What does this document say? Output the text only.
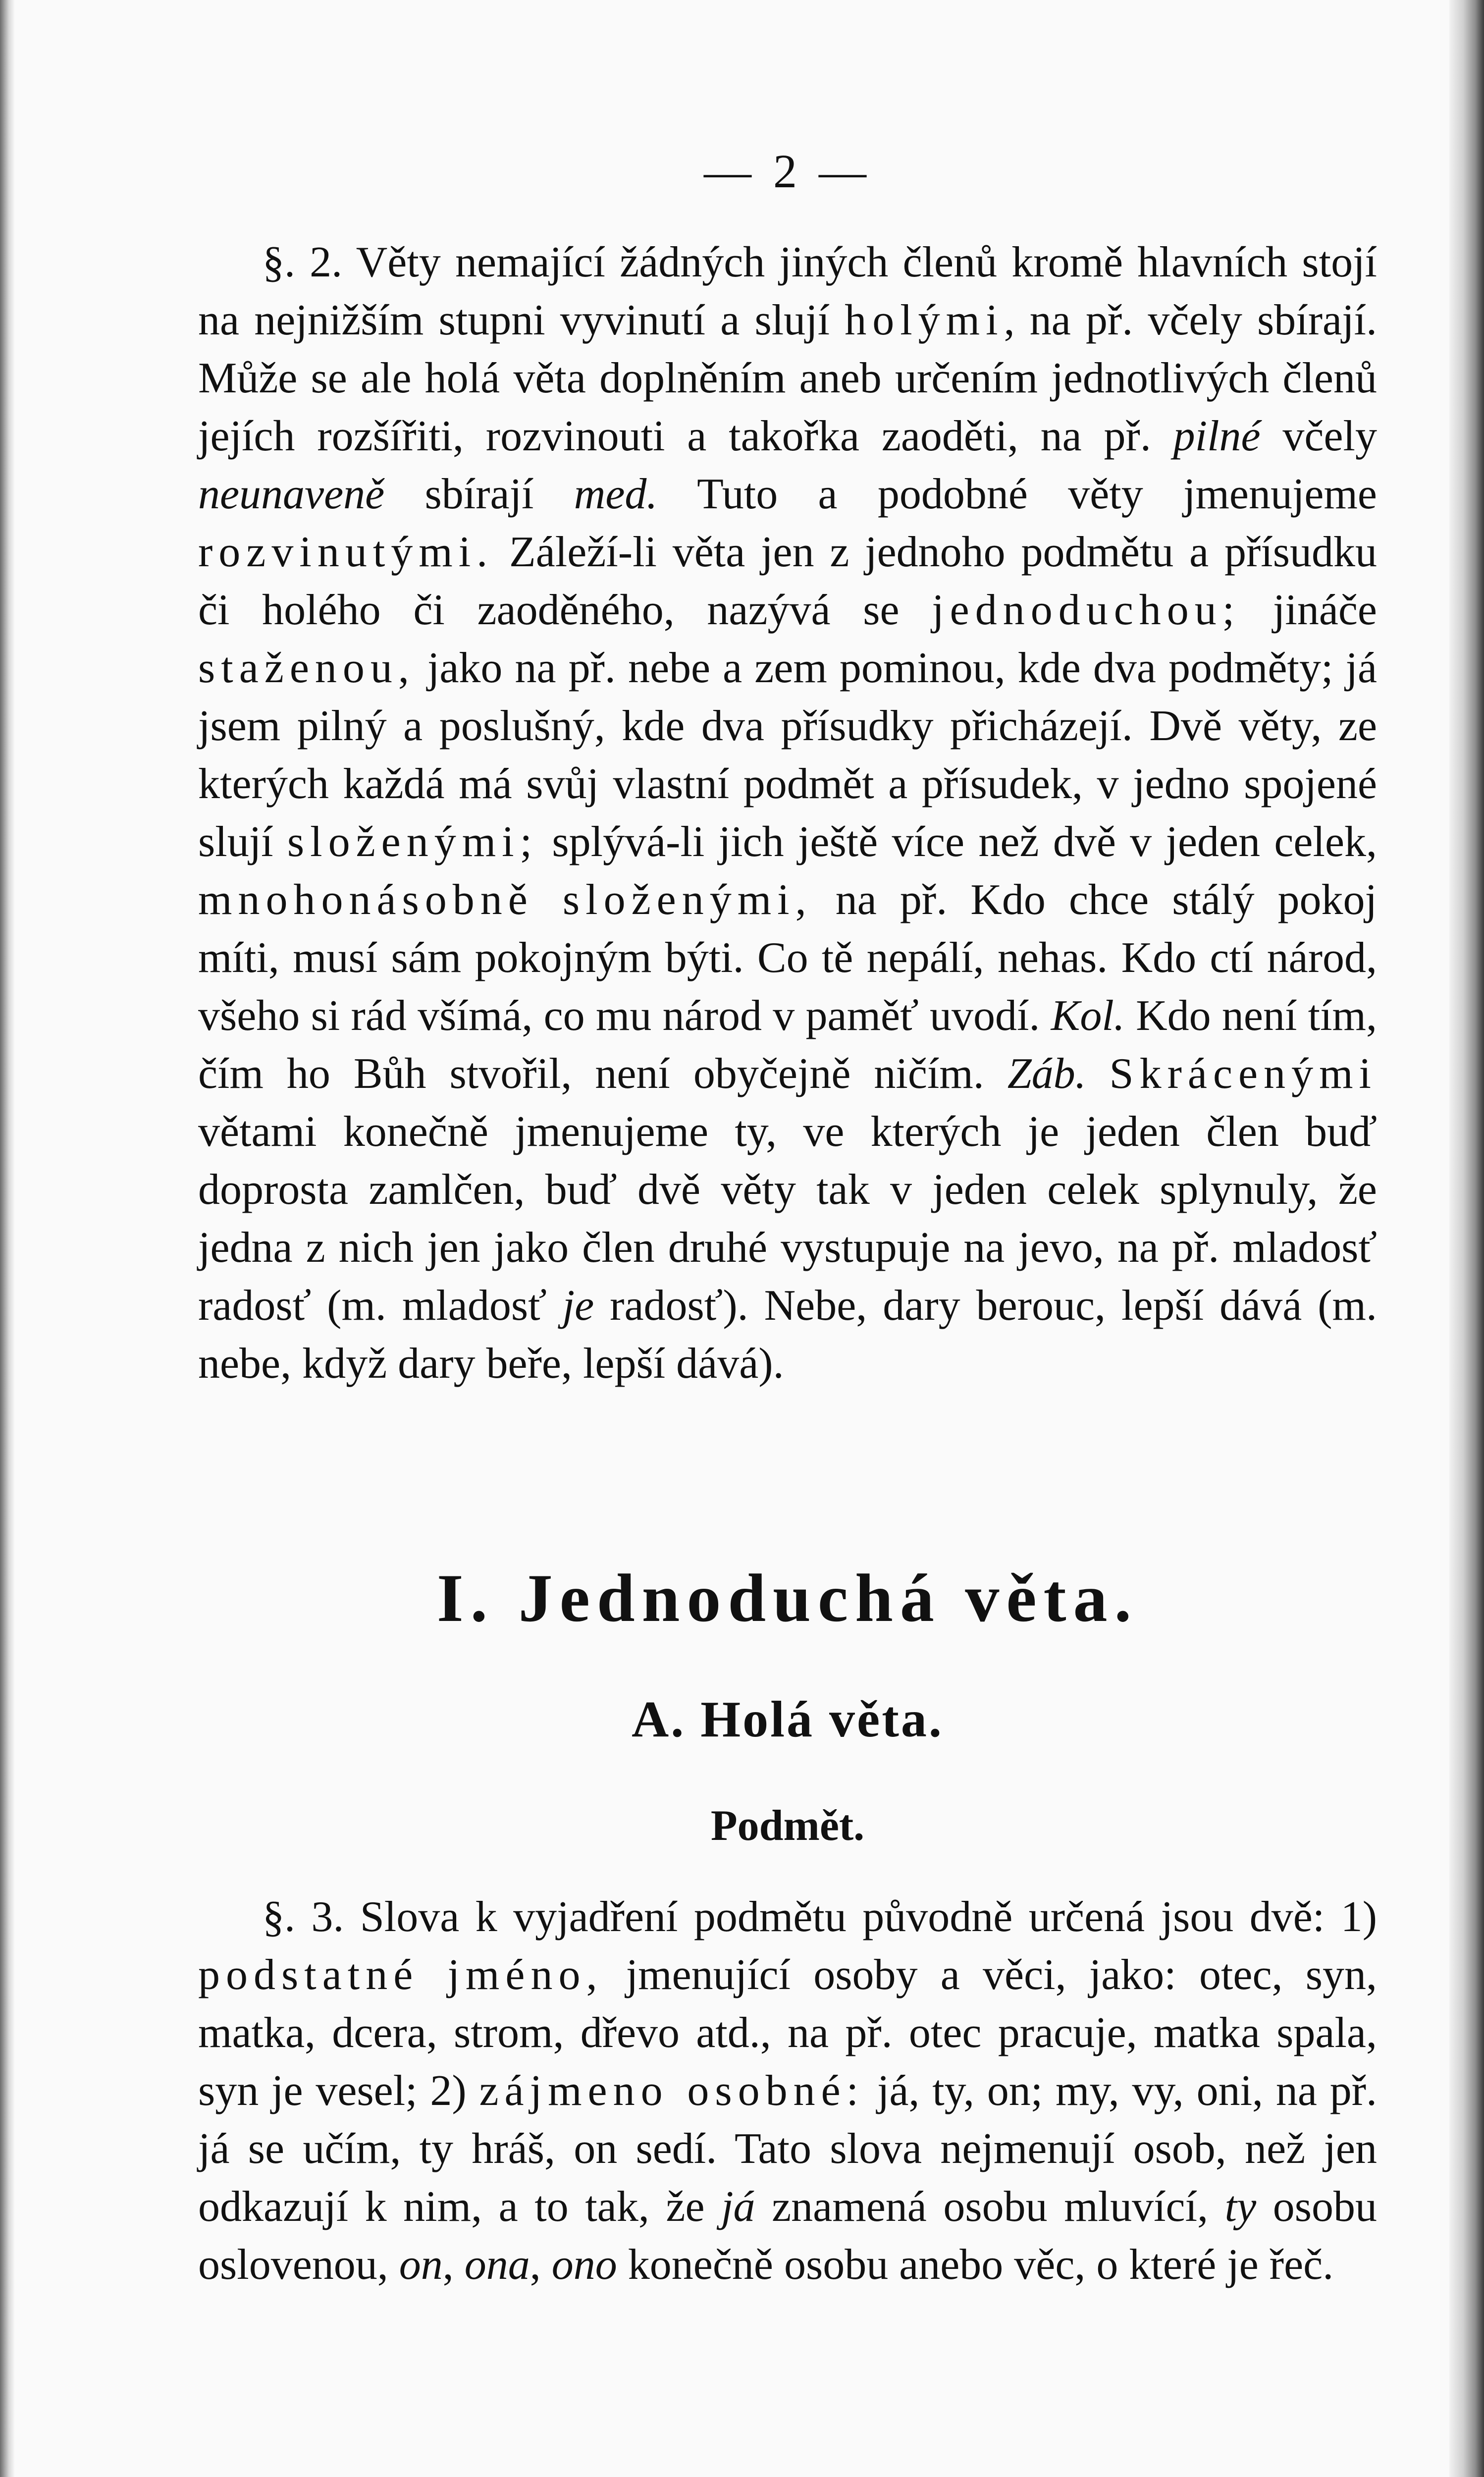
— 2 —

§. 2. Věty nemající žádných jiných členů kromě hlavních stojí na nejnižším stupni vyvinutí a slují holými, na př. včely sbírají. Může se ale holá věta doplněním aneb určením jednotlivých členů jejích rozšířiti, rozvinouti a takořka zaoděti, na př. pilné včely neunaveně sbírají med. Tuto a podobné věty jmenujeme rozvinutými. Záleží-li věta jen z jednoho podmětu a přísudku či holého či zaoděného, nazývá se jednoduchou; jináče staženou, jako na př. nebe a zem pominou, kde dva podměty; já jsem pilný a poslušný, kde dva přísudky přicházejí. Dvě věty, ze kterých každá má svůj vlastní podmět a přísudek, v jedno spojené slují složenými; splývá-li jich ještě více než dvě v jeden celek, mnohonásobně složenými, na př. Kdo chce stálý pokoj míti, musí sám pokojným býti. Co tě nepálí, nehas. Kdo ctí národ, všeho si rád všímá, co mu národ v paměť uvodí. Kol. Kdo není tím, čím ho Bůh stvořil, není obyčejně ničím. Záb. Skrácenými větami konečně jmenujeme ty, ve kterých je jeden člen buď doprosta zamlčen, buď dvě věty tak v jeden celek splynuly, že jedna z nich jen jako člen druhé vystupuje na jevo, na př. mladosť radosť (m. mladosť je radosť). Nebe, dary berouc, lepší dává (m. nebe, když dary beře, lepší dává).

I. Jednoduchá věta.
A. Holá věta.
Podmět.

§. 3. Slova k vyjadření podmětu původně určená jsou dvě: 1) podstatné jméno, jmenující osoby a věci, jako: otec, syn, matka, dcera, strom, dřevo atd., na př. otec pracuje, matka spala, syn je vesel; 2) zájmeno osobné: já, ty, on; my, vy, oni, na př. já se učím, ty hráš, on sedí. Tato slova nejmenují osob, než jen odkazují k nim, a to tak, že já znamená osobu mluvící, ty osobu oslovenou, on, ona, ono konečně osobu anebo věc, o které je řeč.
